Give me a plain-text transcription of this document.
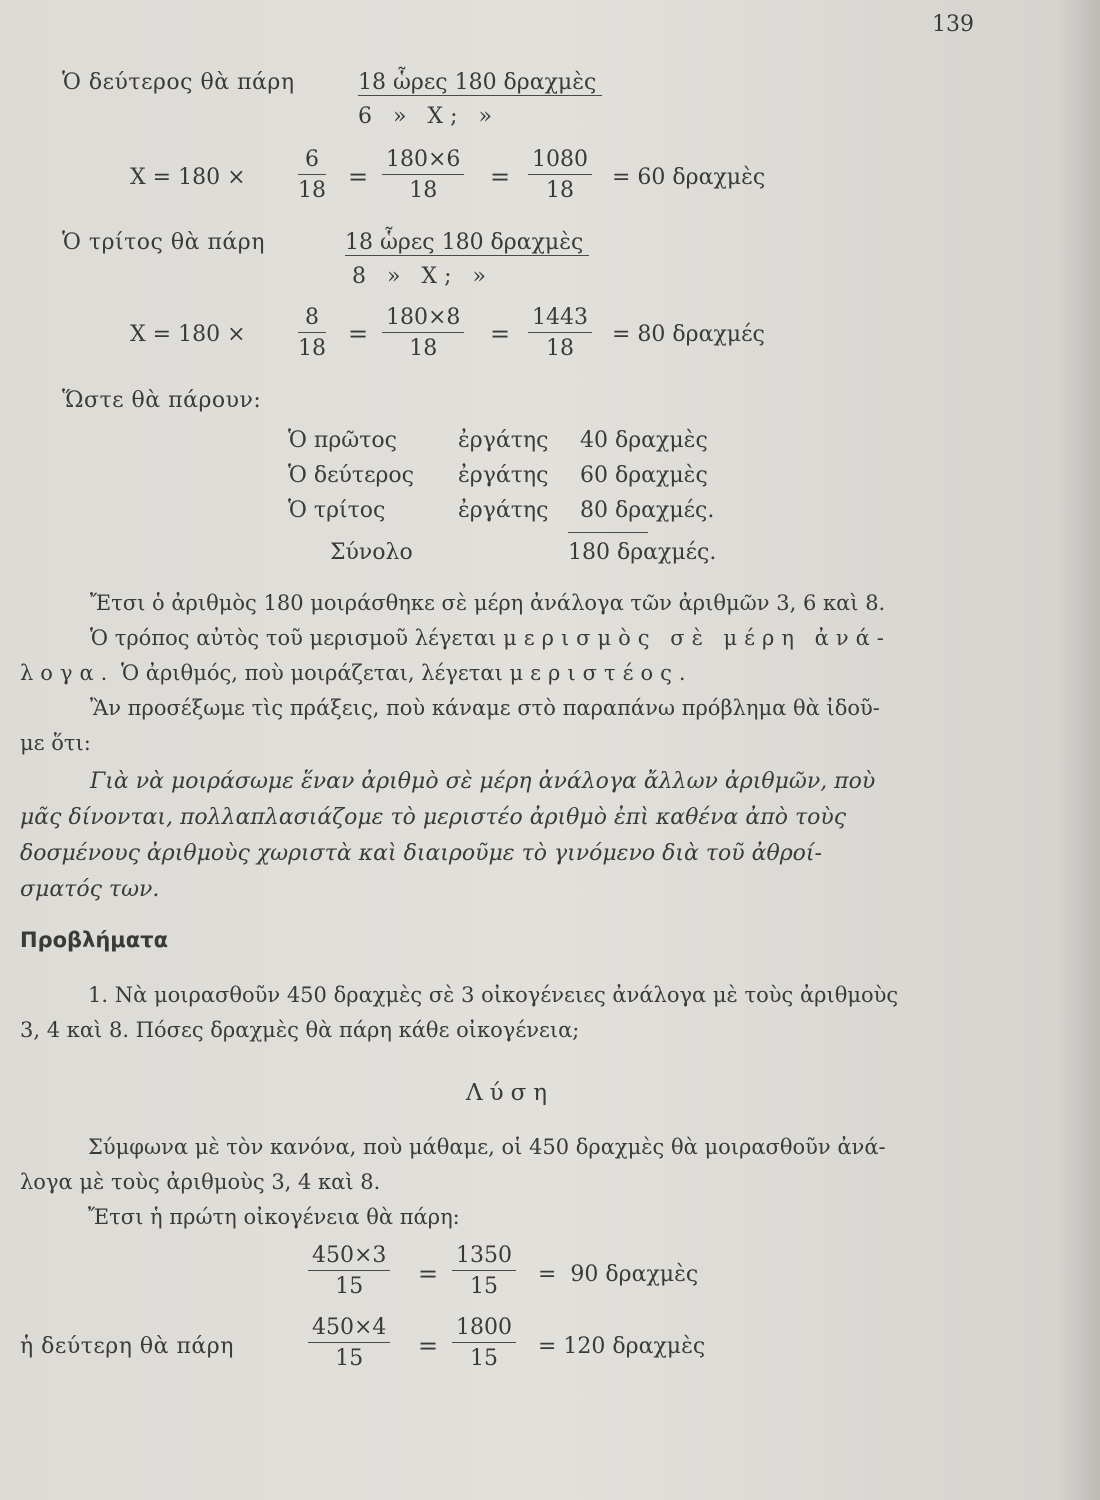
139
Ὁ δεύτερος θὰ πάρη	18 ὧρες 180 δραχμὲς
6   »   X ;   »
$X = 180 \times \frac{6}{18} = \frac{180\times 6}{18} = \frac{1080}{18} = 60$ δραχμὲς
Ὁ τρίτος θὰ πάρη	18 ὧρες 180 δραχμὲς
8   »   X ;   »
$X = 180 \times \frac{8}{18} = \frac{180\times 8}{18} = \frac{1443}{18} = 80$ δραχμές
Ὥστε θὰ πάρουν:
Ὁ πρῶτος	ἐργάτης 40 δραχμὲς
Ὁ δεύτερος ἐργάτης 60 δραχμὲς
Ὁ τρίτος	ἐργάτης 80 δραχμές.
Σύνολο	180 δραχμές.
Ἔτσι ὁ ἀριθμὸς 180 μοιράσθηκε σὲ μέρη ἀνάλογα τῶν ἀριθμῶν 3, 6 καὶ 8.
Ὁ τρόπος αὐτὸς τοῦ μερισμοῦ λέγεται μερισμὸς σὲ μέρη ἀνά-
λογα. Ὁ ἀριθμός, ποὺ μοιράζεται, λέγεται μεριστέος.
Ἂν προσέξωμε τὶς πράξεις, ποὺ κάναμε στὸ παραπάνω πρόβλημα θὰ ἰδοῦ-
με ὅτι:
Γιὰ νὰ μοιράσωμε ἕναν ἀριθμὸ σὲ μέρη ἀνάλογα ἄλλων ἀριθμῶν, ποὺ
μᾶς δίνονται, πολλαπλασιάζομε τὸ μεριστέο ἀριθμὸ ἐπὶ καθένα ἀπὸ τοὺς
δοσμένους ἀριθμοὺς χωριστὰ καὶ διαιροῦμε τὸ γινόμενο διὰ τοῦ ἀθροί-
σματός των.
Προβλήματα
1. Νὰ μοιρασθοῦν 450 δραχμὲς σὲ 3 οἰκογένειες ἀνάλογα μὲ τοὺς ἀριθμοὺς
3, 4 καὶ 8. Πόσες δραχμὲς θὰ πάρη κάθε οἰκογένεια;
Λύση
Σύμφωνα μὲ τὸν κανόνα, ποὺ μάθαμε, οἱ 450 δραχμὲς θὰ μοιρασθοῦν ἀνά-
λογα μὲ τοὺς ἀριθμοὺς 3, 4 καὶ 8.
Ἔτσι ἡ πρώτη οἰκογένεια θὰ πάρη:
$\frac{450\times 3}{15} = \frac{1350}{15} = 90$ δραχμὲς
ἡ δεύτερη θὰ πάρη	$\frac{450\times 4}{15} = \frac{1800}{15} = 120$ δραχμὲς
